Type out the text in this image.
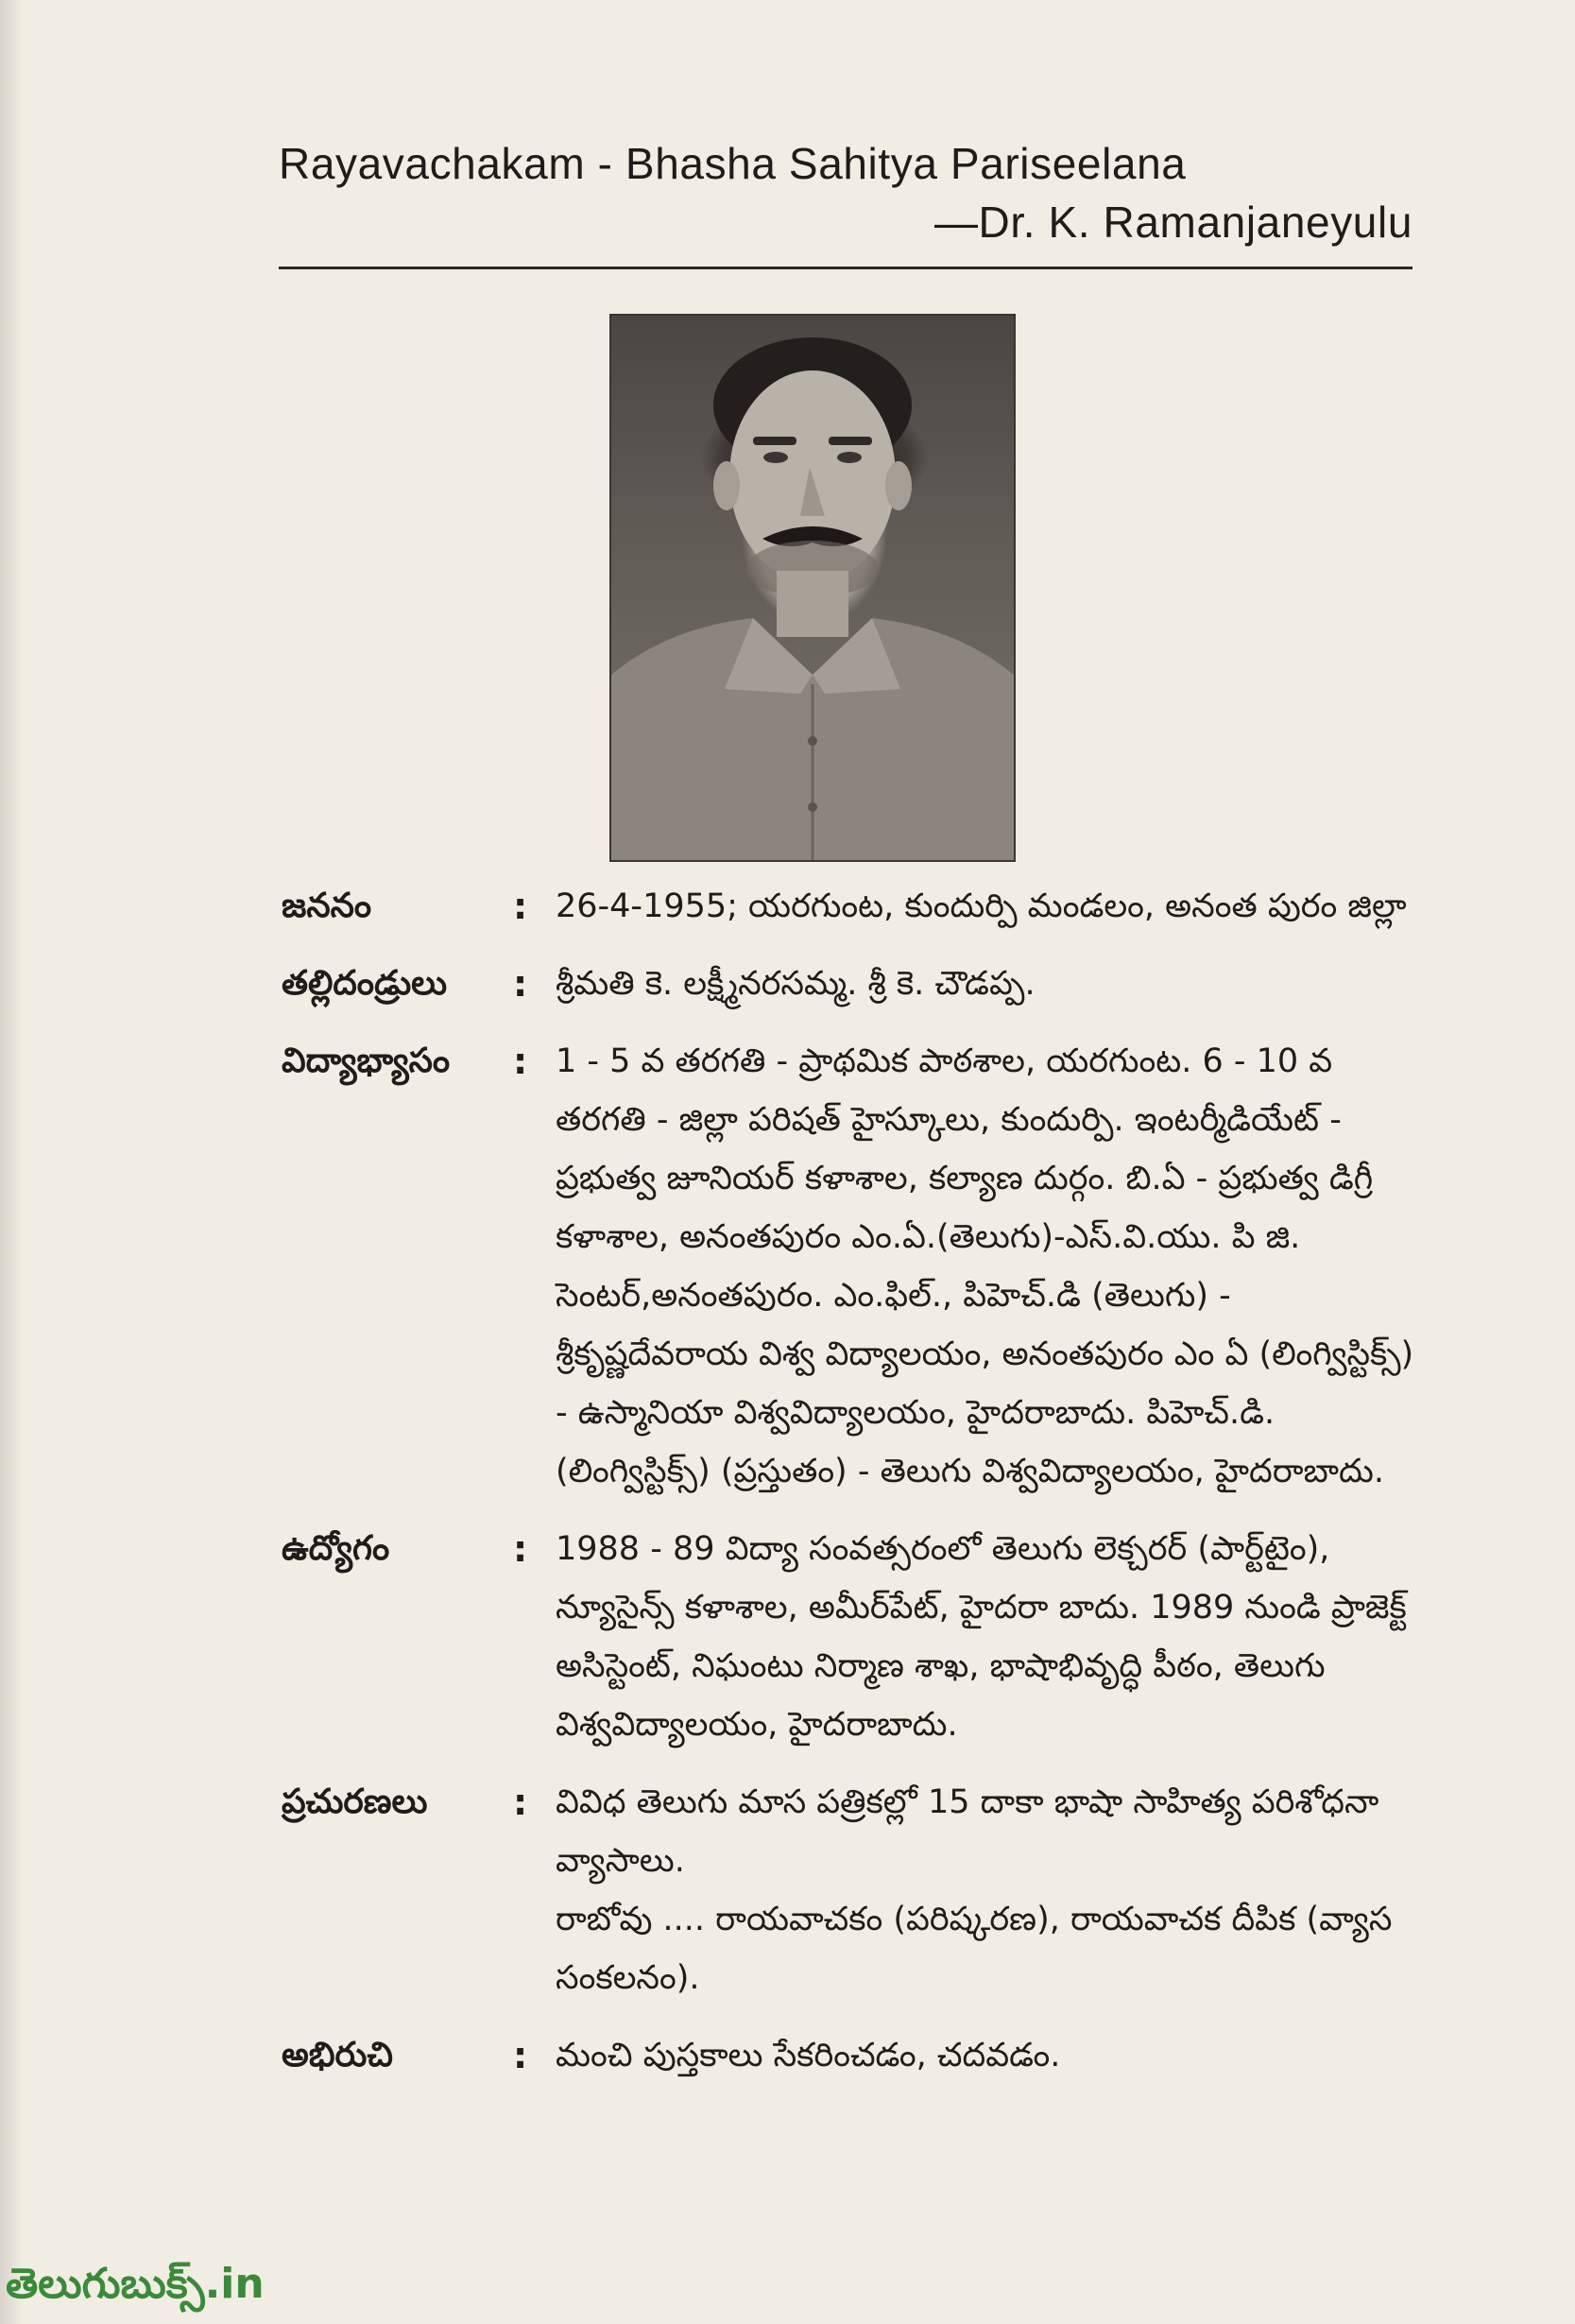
Rayavachakam - Bhasha Sahitya Pariseelana
—Dr. K. Ramanjaneyulu
జననం	: 26-4-1955; యరగుంట, కుందుర్పి మండలం, అనంత పురం జిల్లా

తల్లిదండ్రులు	: శ్రీమతి కె. లక్ష్మీనరసమ్మ. శ్రీ కె. చౌడప్ప.

విద్యాభ్యాసం	: 1 - 5 వ తరగతి - ప్రాథమిక పాఠశాల, యరగుంట. 6 - 10 వ తరగతి - జిల్లా పరిషత్ హైస్కూలు, కుందుర్పి. ఇంటర్మీడియేట్ - ప్రభుత్వ జూనియర్ కళాశాల, కల్యాణ దుర్గం. బి.ఏ - ప్రభుత్వ డిగ్రీ కళాశాల, అనంతపురం ఎం.ఏ.(తెలుగు)-ఎస్.వి.యు. పి జి. సెంటర్,అనంతపురం. ఎం.ఫిల్., పిహెచ్.డి (తెలుగు) - శ్రీకృష్ణదేవరాయ విశ్వ విద్యాలయం, అనంతపురం ఎం ఏ (లింగ్విస్టిక్స్) - ఉస్మానియా విశ్వవిద్యాలయం, హైదరాబాదు. పిహెచ్.డి. (లింగ్విస్టిక్స్) (ప్రస్తుతం) - తెలుగు విశ్వవిద్యాలయం, హైదరాబాదు.

ఉద్యోగం	: 1988 - 89 విద్యా సంవత్సరంలో తెలుగు లెక్చరర్ (పార్ట్‌టైం), న్యూసైన్స్ కళాశాల, అమీర్‌పేట్, హైదరా బాదు. 1989 నుండి ప్రాజెక్ట్ అసిస్టెంట్, నిఘంటు నిర్మాణ శాఖ, భాషాభివృద్ధి పీఠం, తెలుగు విశ్వవిద్యాలయం, హైదరాబాదు.

ప్రచురణలు	: వివిధ తెలుగు మాస పత్రికల్లో 15 దాకా భాషా సాహిత్య పరిశోధనా వ్యాసాలు.

రాబోవు .... రాయవాచకం (పరిష్కరణ), రాయవాచక దీపిక (వ్యాస సంకలనం).

అభిరుచి	: మంచి పుస్తకాలు సేకరించడం, చదవడం.

తెలుగుబుక్స్.in
